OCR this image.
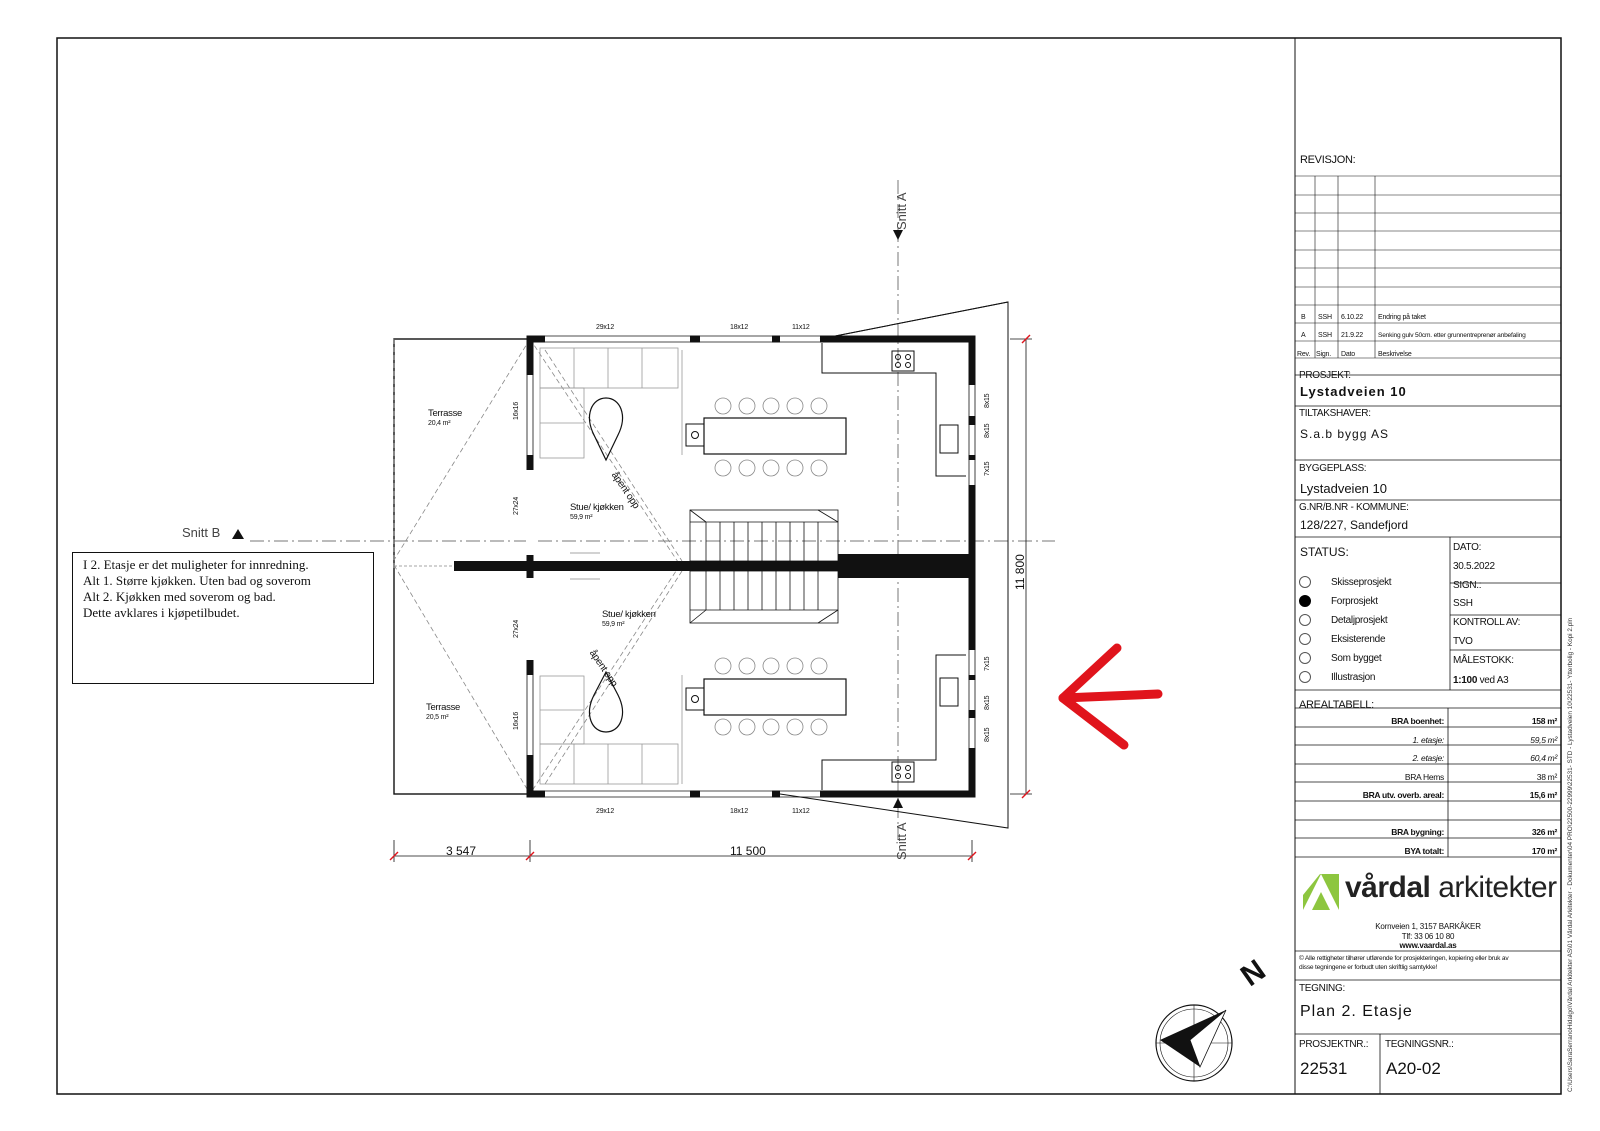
Snitt A
Snitt A
Snitt B
Terrasse
20,4 m²
Terrasse
20,5 m²
Stue/ kjøkken
59,9 m²
Stue/ kjøkken
59,9 m²
åpent opp
åpent opp
29x12	18x12	11x12
29x12	18x12	11x12
16x16
27x24
27x24
16x16
8x15
8x15
7x15
7x15
8x15
8x15
3 547	11 500
11 800
I 2. Etasje er det muligheter for innredning.
Alt 1. Større kjøkken. Uten bad og soverom
Alt 2. Kjøkken med soverom og bad.
Dette avklares i kjøpetilbudet.
N
REVISJON:
B SSH 6.10.22 Endring på taket
A SSH 21.9.22 Senking gulv 50cm. etter grunnentreprenør anbefaling
Rev. Sign. Dato	Beskrivelse
PROSJEKT:
Lystadveien 10
TILTAKSHAVER:
S.a.b bygg AS
BYGGEPLASS:
Lystadveien 10
G.NR/B.NR - KOMMUNE:
128/227, Sandefjord
STATUS:
Skisseprosjekt
Forprosjekt
Detaljprosjekt
Eksisterende
Som bygget
Illustrasjon
DATO:
30.5.2022
SIGN.:
SSH
KONTROLL AV:
TVO
MÅLESTOKK:
1:100 ved A3
AREALTABELL:
BRA boenhet:	158 m²
1. etasje:	59,5 m²
2. etasje:	60,4 m²
BRA Hems	38 m²
BRA utv. overb. areal:	15,6 m²
BRA bygning:	326 m²
BYA totalt:	170 m²
vårdal arkitekter
Kornveien 1, 3157 BARKÅKER
Tlf: 33 06 10 80
www.vaardal.as
© Alle rettigheter tilhører utførende for prosjekteringen, kopiering eller bruk av
disse tegningene er forbudt uten skriftlig samtykke!
TEGNING:
Plan 2. Etasje
PROSJEKTNR.:
22531
TEGNINGSNR.:
A20-02	C:\Users\SaraSerranoHidalgo\Vårdal Arkitekter AS\01 Vårdal Arkitekter - Dokumenter\04 PRO\22500-22999\22531- STD - Lystadveien 10\22531- Ytterbolig - Kopi 2.pln
